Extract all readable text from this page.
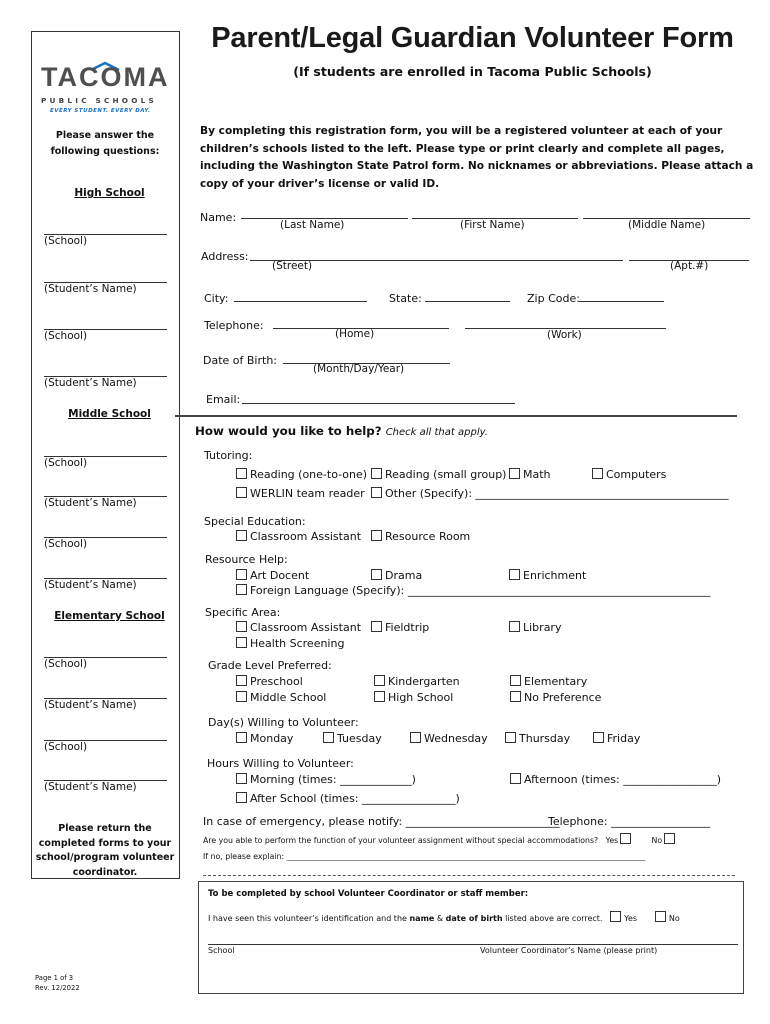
TACOMA
PUBLIC SCHOOLS
EVERY STUDENT. EVERY DAY.
Please answer the following questions:
High School
(School)
(Student’s Name)
(School)
(Student’s Name)
Middle School
(School)
(Student’s Name)
(School)
(Student’s Name)
Elementary School
(School)
(Student’s Name)
(School)
(Student’s Name)
Please return the completed forms to your school/program volunteer coordinator.
Page 1 of 3
Rev. 12/2022
Parent/Legal Guardian Volunteer Form
(If students are enrolled in Tacoma Public Schools)
By completing this registration form, you will be a registered volunteer at each of your children’s schools listed to the left. Please type or print clearly and complete all pages, including the Washington State Patrol form. No nicknames or abbreviations. Please attach a copy of your driver’s license or valid ID.
Name:
(Last Name)	(First Name)	(Middle Name)
Address:
(Street)	(Apt.#)
City:	State:	Zip Code:
Telephone:
(Home)	(Work)
Date of Birth:
(Month/Day/Year)
Email:
How would you like to help? Check all that apply.
Tutoring:
Reading (one-to-one)	Reading (small group)	Math	Computers
WERLIN team reader	Other (Specify): ______________________________________________
Special Education:
Classroom Assistant	Resource Room
Resource Help:
Art Docent	Drama	Enrichment
Foreign Language (Specify): _______________________________________________________
Specific Area:
Classroom Assistant	Fieldtrip	Library
Health Screening
Grade Level Preferred:
Preschool	Kindergarten	Elementary
Middle School	High School	No Preference
Day(s) Willing to Volunteer:
Monday	Tuesday	Wednesday	Thursday	Friday
Hours Willing to Volunteer:
Morning (times: _____________)	Afternoon (times: _________________)
After School (times: _________________)
In case of emergency, please notify: ____________________________
Telephone: __________________
Are you able to perform the function of your volunteer assignment without special accommodations? Yes	No
If no, please explain: ____________________________________________________________________________________________
To be completed by school Volunteer Coordinator or staff member:
I have seen this volunteer’s identification and the name & date of birth listed above are correct.	Yes	No
School	Volunteer Coordinator’s Name (please print)
